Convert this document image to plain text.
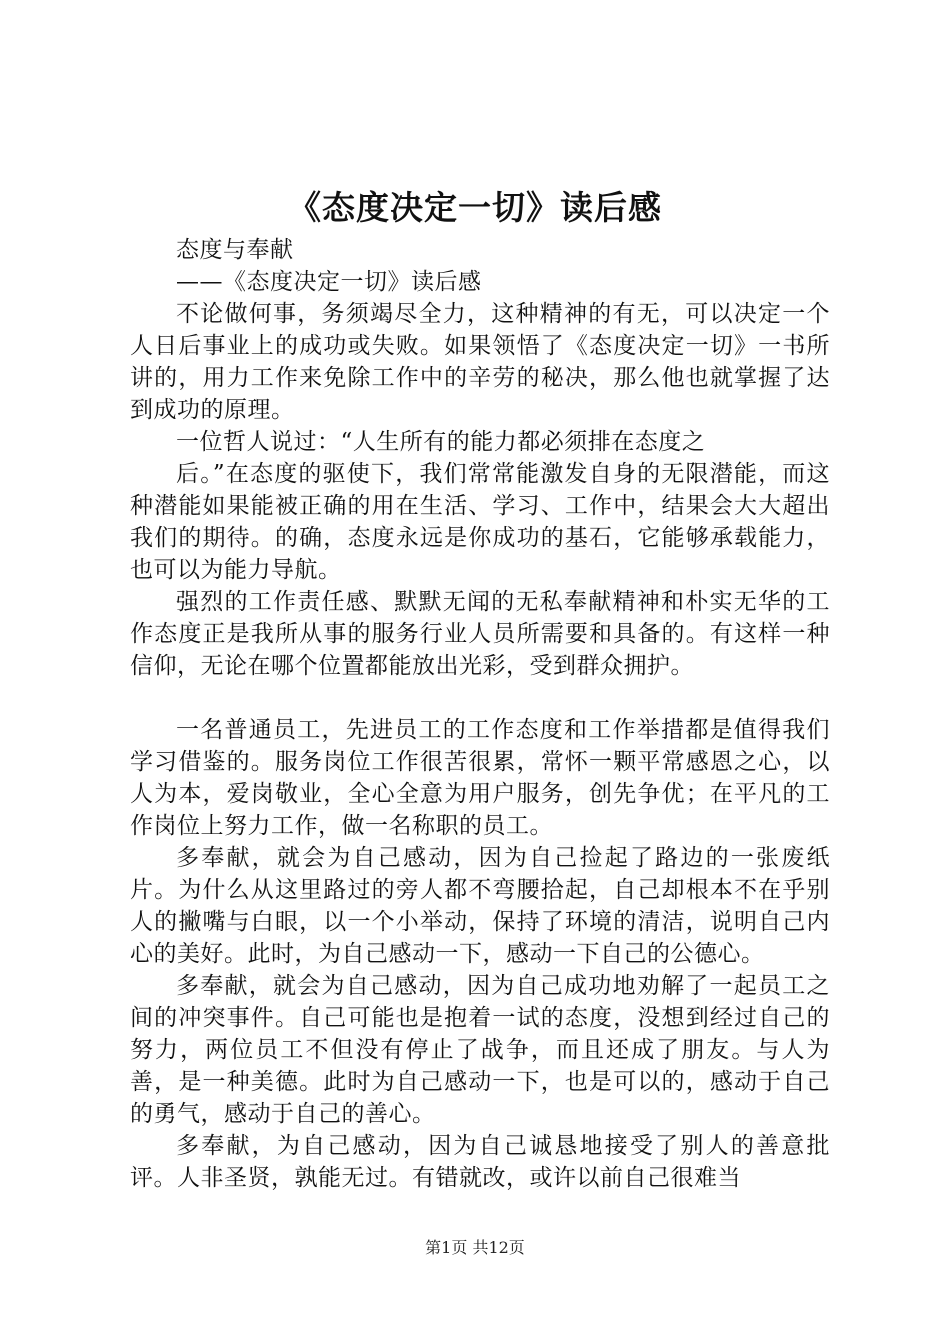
《态度决定一切》读后感

态度与奉献

——《态度决定一切》读后感

不论做何事，务须竭尽全力，这种精神的有无，可以决定一个人日后事业上的成功或失败。如果领悟了《态度决定一切》一书所讲的，用力工作来免除工作中的辛劳的秘决，那么他也就掌握了达到成功的原理。

一位哲人说过：“人生所有的能力都必须排在态度之

后。”在态度的驱使下，我们常常能激发自身的无限潜能，而这种潜能如果能被正确的用在生活、学习、工作中，结果会大大超出我们的期待。的确，态度永远是你成功的基石，它能够承载能力，也可以为能力导航。

强烈的工作责任感、默默无闻的无私奉献精神和朴实无华的工作态度正是我所从事的服务行业人员所需要和具备的。有这样一种信仰，无论在哪个位置都能放出光彩，受到群众拥护。

一名普通员工，先进员工的工作态度和工作举措都是值得我们学习借鉴的。服务岗位工作很苦很累，常怀一颗平常感恩之心，以人为本，爱岗敬业，全心全意为用户服务，创先争优；在平凡的工作岗位上努力工作，做一名称职的员工。

多奉献，就会为自己感动，因为自己捡起了路边的一张废纸片。为什么从这里路过的旁人都不弯腰拾起，自己却根本不在乎别人的撇嘴与白眼，以一个小举动，保持了环境的清洁，说明自己内心的美好。此时，为自己感动一下，感动一下自己的公德心。

多奉献，就会为自己感动，因为自己成功地劝解了一起员工之间的冲突事件。自己可能也是抱着一试的态度，没想到经过自己的努力，两位员工不但没有停止了战争，而且还成了朋友。与人为善，是一种美德。此时为自己感动一下，也是可以的，感动于自己的勇气，感动于自己的善心。

多奉献，为自己感动，因为自己诚恳地接受了别人的善意批评。人非圣贤，孰能无过。有错就改，或许以前自己很难当

第1页 共12页
